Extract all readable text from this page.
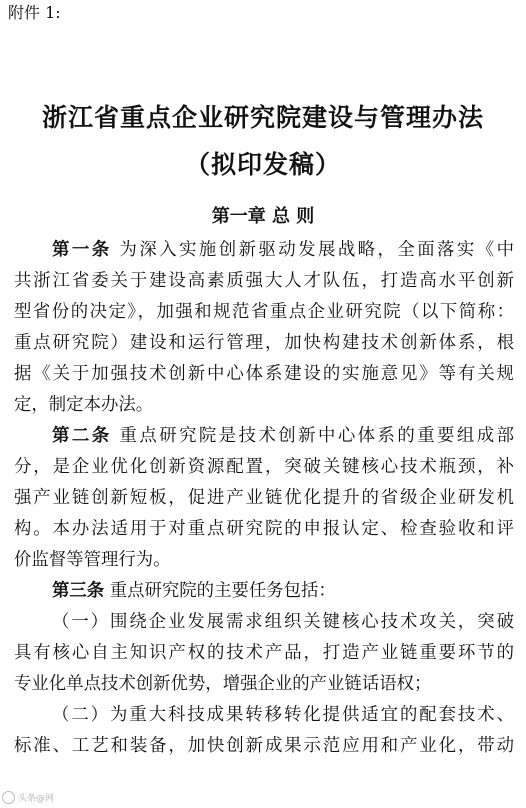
附件 1:
浙江省重点企业研究院建设与管理办法
（拟印发稿）
第一章 总 则
第一条 为深入实施创新驱动发展战略，全面落实《中
共浙江省委关于建设高素质强大人才队伍，打造高水平创新
型省份的决定》，加强和规范省重点企业研究院（以下简称：
重点研究院）建设和运行管理，加快构建技术创新体系，根
据《关于加强技术创新中心体系建设的实施意见》等有关规
定，制定本办法。
第二条 重点研究院是技术创新中心体系的重要组成部
分，是企业优化创新资源配置，突破关键核心技术瓶颈，补
强产业链创新短板，促进产业链优化提升的省级企业研发机
构。本办法适用于对重点研究院的申报认定、检查验收和评
价监督等管理行为。
第三条 重点研究院的主要任务包括：
（一）围绕企业发展需求组织关键核心技术攻关，突破
具有核心自主知识产权的技术产品，打造产业链重要环节的
专业化单点技术创新优势，增强企业的产业链话语权；
（二）为重大科技成果转移转化提供适宜的配套技术、
标准、工艺和装备，加快创新成果示范应用和产业化，带动
头条@网
